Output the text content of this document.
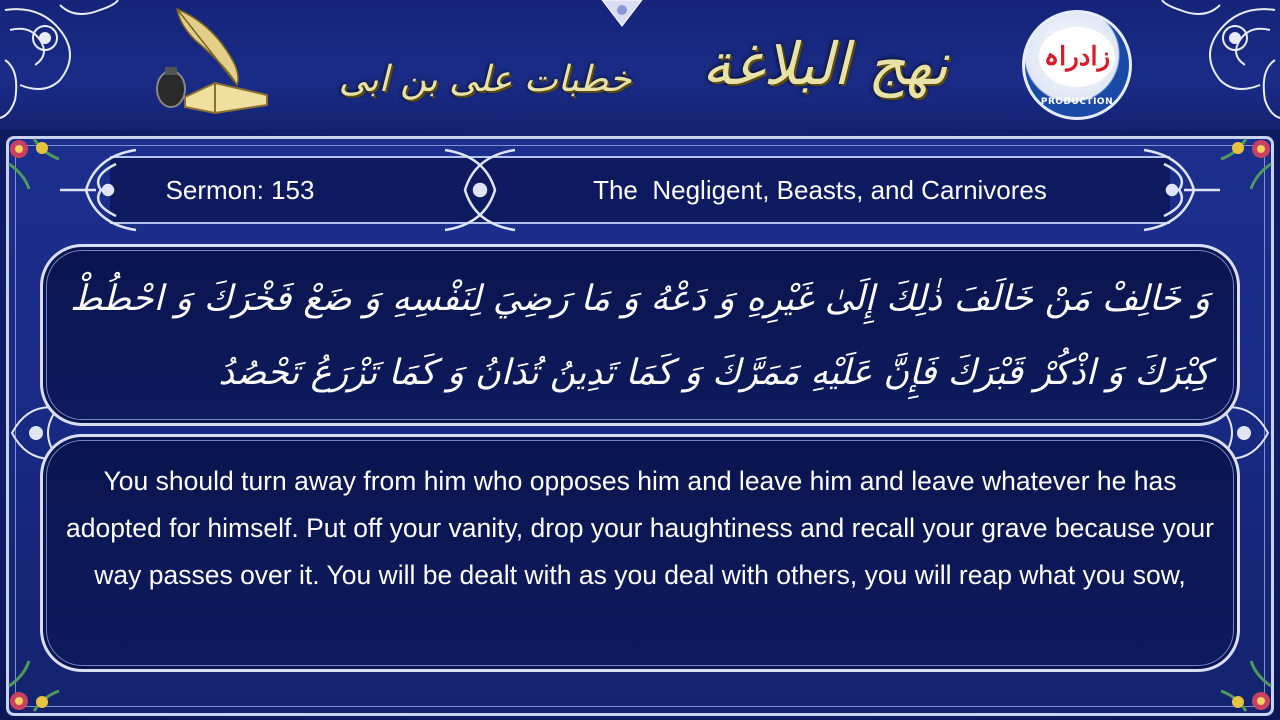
خطبات علی بن ابی	نهج البلاغة	زادراہ
PRODUCTION
Sermon: 153	The  Negligent, Beasts, and Carnivores
وَ خَالِفْ مَنْ خَالَفَ ذٰلِكَ إِلَىٰ غَيْرِهِ وَ دَعْهُ وَ مَا رَضِيَ لِنَفْسِهِ وَ ضَعْ فَخْرَكَ وَ احْطُطْ كِبْرَكَ وَ اذْكُرْ قَبْرَكَ فَإِنَّ عَلَيْهِ مَمَرَّكَ وَ كَمَا تَدِينُ تُدَانُ وَ كَمَا تَزْرَعُ تَحْصُدُ
You should turn away from him who opposes him and leave him and leave whatever he has adopted for himself. Put off your vanity, drop your haughtiness and recall your grave because your way passes over it. You will be dealt with as you deal with others, you will reap what you sow,
